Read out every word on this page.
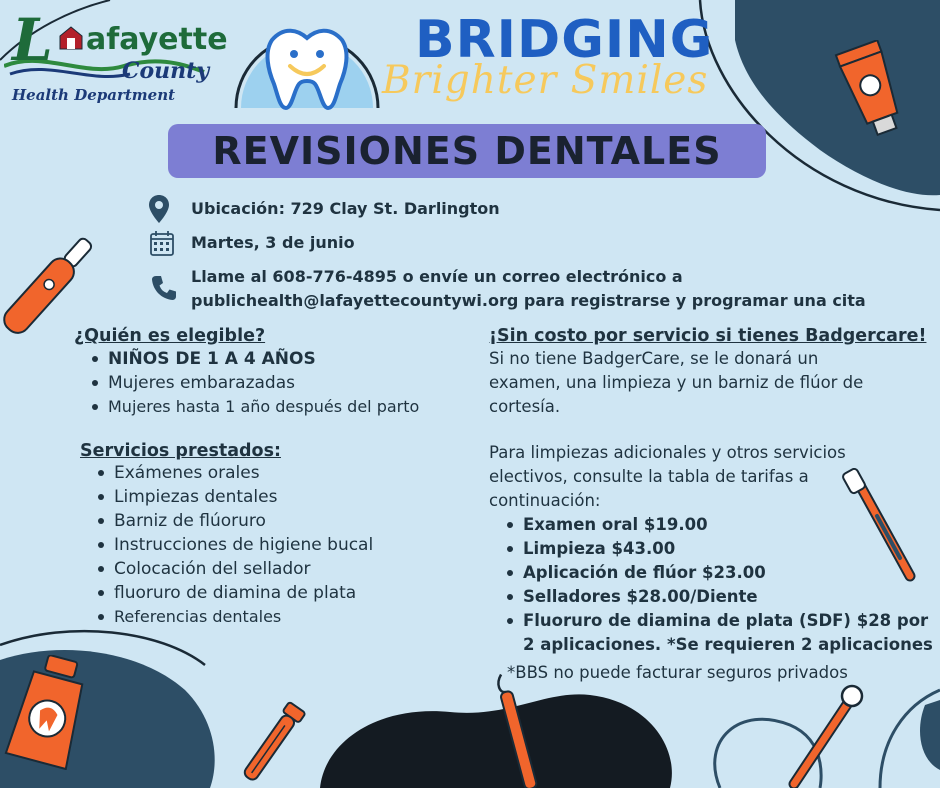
L afayette
County
Health Department
BRIDGING
Brighter Smiles
REVISIONES DENTALES
Ubicación: 729 Clay St. Darlington
Martes, 3 de junio
Llame al 608-776-4895 o envíe un correo electrónico a
publichealth@lafayettecountywi.org para registrarse y programar una cita
¿Quién es elegible?
NIÑOS DE 1 A 4 AÑOS
Mujeres embarazadas
Mujeres hasta 1 año después del parto
Servicios prestados:
Exámenes orales
Limpiezas dentales
Barniz de flúoruro
Instrucciones de higiene bucal
Colocación del sellador
fluoruro de diamina de plata
Referencias dentales
¡Sin costo por servicio si tienes Badgercare!
Si no tiene BadgerCare, se le donará un
examen, una limpieza y un barniz de flúor de
cortesía.
Para limpiezas adicionales y otros servicios
electivos, consulte la tabla de tarifas a
continuación:
Examen oral $19.00
Limpieza $43.00
Aplicación de flúor $23.00
Selladores $28.00/Diente
Fluoruro de diamina de plata (SDF) $28 por
2 aplicaciones. *Se requieren 2 aplicaciones
*BBS no puede facturar seguros privados
